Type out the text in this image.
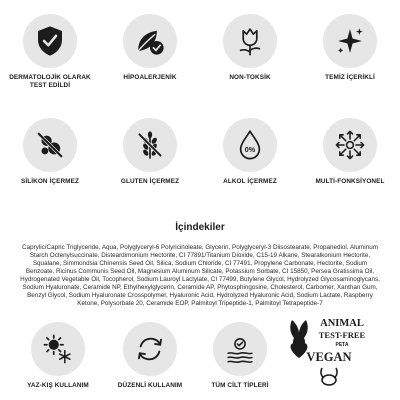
DERMATOLOJİK OLARAK
TEST EDİLDİ
HİPOALERJENİK	NON-TOKSİK	TEMİZ İÇERİKLİ
SİLİKON İÇERMEZ	GLUTEN İÇERMEZ
0%
ALKOL İÇERMEZ	MULTİ-FONKSİYONEL
İçindekiler
Caprylic/Capric Triglyceride, Aqua, Polyglyceryl-6 Polyricinoleate, Glycerin, Polyglyceryl-3 Diisostearate, Propanediol, Aluminum Starch Octenylsuccinate, Disteardimonium Hectorite, CI 77891/Titanium Dioxide, C15-19 Alkane, Stearalkonium Hectorite, Squalane, Simmondsia Chinensis Seed Oil, Silica, Sodium Chloride, CI 77491, Propylene Carbonate, Hectorite, Sodium Benzoate, Ricinus Communis Seed Oil, Magnesium Aluminum Silicate, Potassium Sorbate, CI 15850, Persea Gratissima Oil, Hydrogenated Vegetable Oil, Tocopherol, Sodium Lauroyl Lactylate, CI 77499, Butylene Glycol, Hydrolyzed Glycosaminoglycans, Sodium Hyaluronate, Ceramide NP, Ethylhexylglycerin, Ceramide AP, Phytosphingosine, Cholesterol, Carbomer, Xanthan Gum, Benzyl Glycol, Sodium Hyaluronate Crosspolymer, Hyaluronic Acid, Hydrolyzed Hyaluronic Acid, Sodium Lactate, Raspberry Ketone, Polysorbate 20, Ceramide EOP, Palmitoyl Tripeptide-1, Palmitoyl Tetrapeptide-7
YAZ-KIŞ KULLANIM	DÜZENLİ KULLANIM	TÜM CİLT TİPLERİ
ANIMAL
TEST-FREE
PETA
VEGAN
